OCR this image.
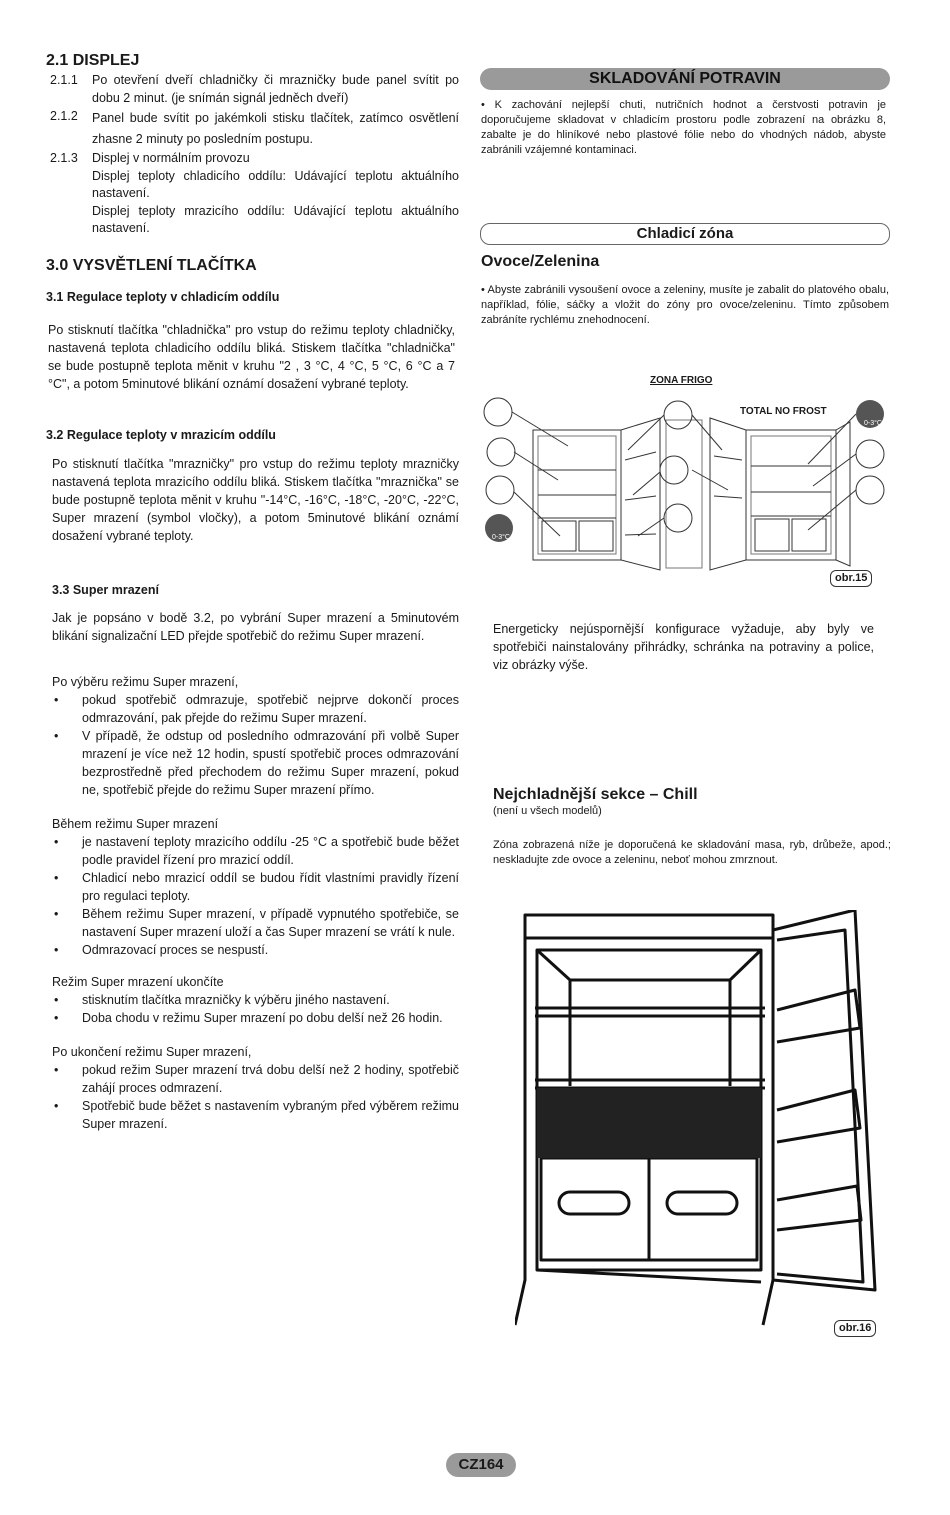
2.1 DISPLEJ
2.1.1	Po otevření dveří chladničky či mrazničky bude panel svítit po dobu 2 minut. (je snímán signál jedněch dveří)
2.1.2	Panel bude svítit po jakémkoli stisku tlačítek, zatímco osvětlení zhasne 2 minuty po posledním postupu.
2.1.3	Displej v normálním provozu
Displej teploty chladicího oddílu: Udávající teplotu aktuálního nastavení.
Displej teploty mrazicího oddílu: Udávající teplotu aktuálního nastavení.
3.0 VYSVĚTLENÍ TLAČÍTKA
3.1 Regulace teploty v chladicím oddílu

Po stisknutí tlačítka "chladnička" pro vstup do režimu teploty chladničky, nastavená teplota chladicího oddílu bliká. Stiskem tlačítka "chladnička" se bude postupně teplota měnit v kruhu "2 , 3 °C, 4 °C, 5 °C, 6 °C a 7 °C", a potom 5minutové blikání oznámí dosažení vybrané teploty.

3.2 Regulace teploty v mrazicím oddílu

Po stisknutí tlačítka "mrazničky" pro vstup do režimu teploty mrazničky nastavená teplota mrazicího oddílu bliká. Stiskem tlačítka "mraznička" se bude postupně teplota měnit v kruhu "-14°C, -16°C, -18°C, -20°C, -22°C, Super mrazení (symbol vločky), a potom 5minutové blikání oznámí dosažení vybrané teploty.

3.3 Super mrazení

Jak je popsáno v bodě 3.2, po vybrání Super mrazení a 5minutovém blikání signalizační LED přejde spotřebič do režimu Super mrazení.

Po výběru režimu Super mrazení,

• pokud spotřebič odmrazuje, spotřebič nejprve dokončí proces odmrazování, pak přejde do režimu Super mrazení.
• V případě, že odstup od posledního odmrazování při volbě Super mrazení je více než 12 hodin, spustí spotřebič proces odmrazování bezprostředně před přechodem do režimu Super mrazení, pokud ne, spotřebič přejde do režimu Super mrazení přímo.

Během režimu Super mrazení

• je nastavení teploty mrazicího oddílu -25 °C a spotřebič bude běžet podle pravidel řízení pro mrazicí oddíl.
• Chladicí nebo mrazicí oddíl se budou řídit vlastními pravidly řízení pro regulaci teploty.
• Během režimu Super mrazení, v případě vypnutého spotřebiče, se nastavení Super mrazení uloží a čas Super mrazení se vrátí k nule.
• Odmrazovací proces se nespustí.

Režim Super mrazení ukončíte

• stisknutím tlačítka mrazničky k výběru jiného nastavení.
• Doba chodu v režimu Super mrazení po dobu delší než 26 hodin.

Po ukončení režimu Super mrazení,

• pokud režim Super mrazení trvá dobu delší než 2 hodiny, spotřebič zahájí proces odmrazení.
• Spotřebič bude běžet s nastavením vybraným před výběrem režimu Super mrazení.
SKLADOVÁNÍ POTRAVIN

• K zachování nejlepší chuti, nutričních hodnot a čerstvosti potravin je doporučujeme skladovat v chladicím prostoru podle zobrazení na obrázku 8, zabalte je do hliníkové nebo plastové fólie nebo do vhodných nádob, abyste zabránili vzájemné kontaminaci.

Chladicí zóna
Ovoce/Zelenina

• Abyste zabránili vysoušení ovoce a zeleniny, musíte je zabalit do platového obalu, například, fólie, sáčky a vložit do zóny pro ovoce/zeleninu. Tímto způsobem zabráníte rychlému znehodnocení.

ZONA FRIGO
TOTAL NO FROST
0-3°C
0-3°C
obr.15

Energeticky nejúspornější konfigurace vyžaduje, aby byly ve spotřebiči nainstalovány přihrádky, schránka na potraviny a police, viz obrázky výše.

Nejchladnější sekce – Chill
(není u všech modelů)

Zóna zobrazená níže je doporučená ke skladování masa, ryb, drůbeže, apod.; neskladujte zde ovoce a zeleninu, neboť mohou zmrznout.

obr.16
CZ164
